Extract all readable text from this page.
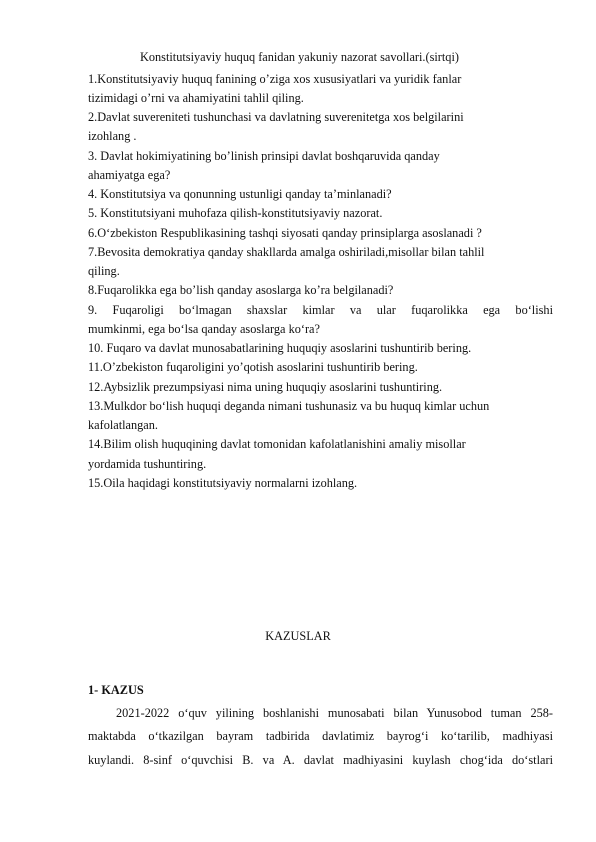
Konstitutsiyaviy huquq fanidan yakuniy nazorat savollari.(sirtqi)
1.Konstitutsiyaviy huquq fanining o’ziga xos xususiyatlari va yuridik fanlar
tizimidagi o’rni va ahamiyatini tahlil qiling.
2.Davlat suvereniteti tushunchasi va davlatning suverenitetga xos belgilarini
izohlang .
3. Davlat hokimiyatining bo’linish prinsipi davlat boshqaruvida qanday
ahamiyatga ega?
4. Konstitutsiya va qonunning ustunligi qanday ta’minlanadi?
5. Konstitutsiyani muhofaza qilish-konstitutsiyaviy nazorat.
6.O‘zbekiston Respublikasining tashqi siyosati qanday prinsiplarga asoslanadi ?
7.Bevosita demokratiya qanday shakllarda amalga oshiriladi,misollar bilan tahlil
qiling.
8.Fuqarolikka ega bo’lish qanday asoslarga ko’ra belgilanadi?
9. Fuqaroligi bo‘lmagan shaxslar kimlar va ular fuqarolikka ega bo‘lishi
mumkinmi, ega bo‘lsa qanday asoslarga ko‘ra?
10. Fuqaro va davlat munosabatlarining huquqiy asoslarini tushuntirib bering.
11.O’zbekiston fuqaroligini yo’qotish asoslarini tushuntirib bering.
12.Aybsizlik prezumpsiyasi nima uning huquqiy asoslarini tushuntiring.
13.Mulkdor bo‘lish huquqi deganda nimani tushunasiz va bu huquq kimlar uchun
kafolatlangan.
14.Bilim olish huquqining davlat tomonidan kafolatlanishini amaliy misollar
yordamida tushuntiring.
15.Oila haqidagi konstitutsiyaviy normalarni izohlang.
KAZUSLAR
1- KAZUS
2021-2022 o‘quv yilining boshlanishi munosabati bilan Yunusobod tuman 258-
maktabda o‘tkazilgan bayram tadbirida davlatimiz bayrog‘i ko‘tarilib, madhiyasi
kuylandi. 8-sinf o‘quvchisi B. va A. davlat madhiyasini kuylash chog‘ida do‘stlari
